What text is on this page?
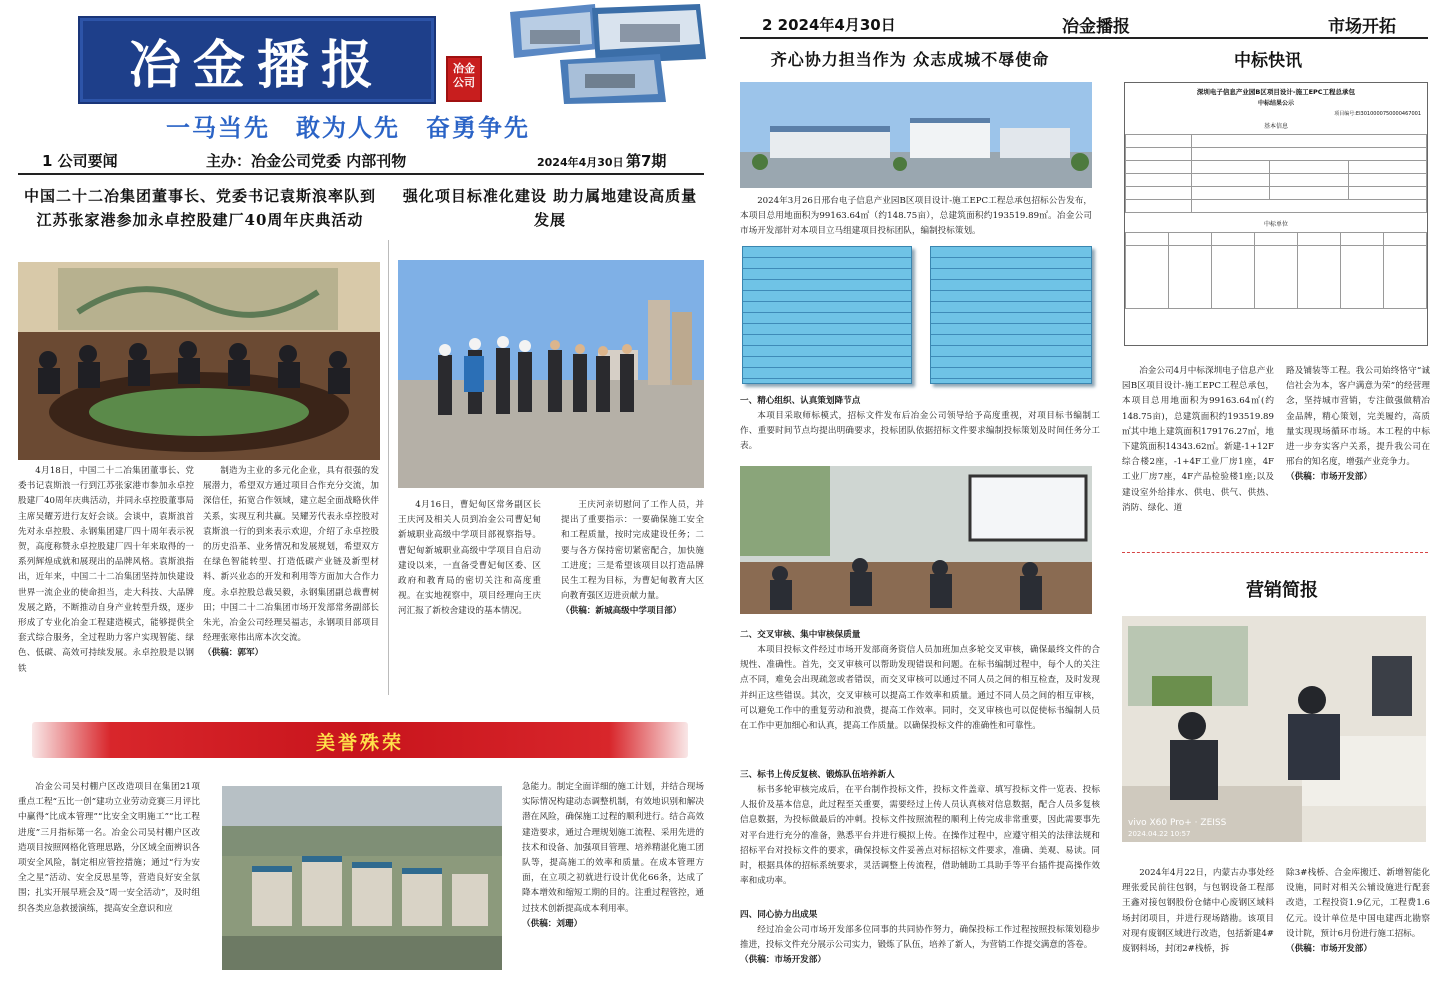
冶金播报	冶金公司
一马当先　敢为人先　奋勇争先
1 公司要闻	主办：冶金公司党委 内部刊物	2024年4月30日 第7期
中国二十二冶集团董事长、党委书记袁斯浪率队到江苏张家港参加永卓控股建厂40周年庆典活动
4月18日，中国二十二冶集团董事长、党委书记袁斯浪一行到江苏张家港市参加永卓控股建厂40周年庆典活动，并同永卓控股董事局主席吴耀芳进行友好会谈。会谈中，袁斯浪首先对永卓控股、永钢集团建厂四十周年表示祝贺，高度称赞永卓控股建厂四十年来取得的一系列辉煌成就和展现出的品牌风格。袁斯浪指出，近年来，中国二十二冶集团坚持加快建设世界一流企业的使命担当，走大科技、大品牌发展之路，不断推动自身产业转型升级，逐步形成了专业化冶金工程建造模式，能够提供全套式综合服务，全过程助力客户实现智能、绿色、低碳、高效可持续发展。永卓控股是以钢铁
制造为主业的多元化企业，具有很强的发展潜力，希望双方通过项目合作充分交流，加深信任，拓宽合作领域，建立起全面战略伙伴关系，实现互利共赢。吴耀芳代表永卓控股对袁斯浪一行的到来表示欢迎，介绍了永卓控股的历史沿革、业务情况和发展规划，希望双方在绿色智能转型、打造低碳产业链及新型材料、新兴业态的开发和利用等方面加大合作力度。永卓控股总裁吴毅，永钢集团副总裁曹树田；中国二十二冶集团市场开发部常务副部长朱光，冶金公司经理吴福志，永钢项目部项目经理张寒伟出席本次交流。
（供稿：郭军）
强化项目标准化建设 助力属地建设高质量发展
4月16日，曹妃甸区常务副区长王庆河及相关人员到冶金公司曹妃甸新城职业高级中学项目部视察指导。曹妃甸新城职业高级中学项目自启动建设以来，一直备受曹妃甸区委、区政府和教育局的密切关注和高度重视。在实地视察中，项目经理向王庆河汇报了新校舍建设的基本情况。
王庆河亲切慰问了工作人员，并提出了重要指示：一要确保施工安全和工程质量，按时完成建设任务；二要与各方保持密切紧密配合，加快施工进度；三是希望该项目以打造品牌民生工程为目标，为曹妃甸教育大区向教育强区迈进贡献力量。
（供稿：新城高级中学项目部）
美誉殊荣
冶金公司吴村棚户区改造项目在集团21项重点工程“五比一创”建功立业劳动竞赛三月评比中赢得“比成本管理”“比安全文明施工”“比工程进度”三月指标第一名。冶金公司吴村棚户区改造项目按照网格化管理思路，分区域全面辨识各项安全风险，制定相应管控措施；通过“行为安全之星”活动、安全反思星等，营造良好安全氛围；扎实开展早班会及“周一安全活动”，及时组织各类应急救援演练，提高安全意识和应
急能力。制定全面详细的施工计划，并结合现场实际情况构建动态调整机制，有效地识别和解决潜在风险，确保施工过程的顺利进行。结合高效建造要求，通过合理规划施工流程、采用先进的技术和设备、加强项目管理、培养精湛化施工团队等，提高施工的效率和质量。在成本管理方面，在立项之初就进行设计优化66条，达成了降本增效和缩短工期的目的。注重过程管控，通过技术创新提高成本利用率。
（供稿：刘珊）
2 2024年4月30日	冶金播报	市场开拓
齐心协力担当作为 众志成城不辱使命
2024年3月26日邢台电子信息产业园B区项目设计-施工EPC工程总承包招标公告发布，本项目总用地面积为99163.64㎡（约148.75亩），总建筑面积约193519.89㎡。冶金公司市场开发部针对本项目立马组建项目投标团队，编制投标策划。
一、精心组织、认真策划降节点
本项目采取师标模式，招标文件发布后冶金公司领导给予高度重视，对项目标书编制工作、重要时间节点均提出明确要求，投标团队依据招标文件要求编制投标策划及时间任务分工表。
二、交叉审核、集中审核保质量
本项目投标文件经过市场开发部商务资信人员加班加点多轮交叉审核，确保最终文件的合规性、准确性。首先，交叉审核可以帮助发现错误和问题。在标书编制过程中，每个人的关注点不同，难免会出现疏忽或者错误，而交叉审核可以通过不同人员之间的相互检查，及时发现并纠正这些错误。其次，交叉审核可以提高工作效率和质量。通过不同人员之间的相互审核，可以避免工作中的重复劳动和浪费，提高工作效率。同时，交叉审核也可以促使标书编制人员在工作中更加细心和认真，提高工作质量。以确保投标文件的准确性和可靠性。
三、标书上传反复核、锻炼队伍培养新人
标书多轮审核完成后，在平台制作投标文件，投标文件盖章、填写投标文件一览表、投标人报价及基本信息，此过程至关重要，需要经过上传人员认真核对信息数据，配合人员多复核信息数据，为投标做最后的冲刺。投标文件按照流程的顺利上传完成非常重要，因此需要事先对平台进行充分的准备，熟悉平台并进行模拟上传。在操作过程中，应遵守相关的法律法规和招标平台对投标文件的要求，确保投标文件妥善点对标招标文件要求，准确、美观、易读。同时，根据具体的招标系统要求，灵活调整上传流程，借助辅助工具助手等平台插件提高操作效率和成功率。
四、同心协力出成果
经过冶金公司市场开发部多位同事的共同协作努力，确保投标工作过程按照投标策划稳步推进，投标文件充分展示公司实力，锻炼了队伍，培养了新人，为营销工作提交满意的答卷。
（供稿：市场开发部）
中标快讯
深圳电子信息产业园B区项目设计-施工EPC工程总承包
中标结果公示
项目编号:EI3010000750000467001
基本信息

中标单位

冶金公司4月中标深圳电子信息产业园B区项目设计-施工EPC工程总承包，本项目总用地面积为99163.64㎡(约148.75亩)，总建筑面积约193519.89㎡其中地上建筑面积179176.27㎡，地下建筑面积14343.62㎡。新建-1+12F综合楼2座，-1+4F工业厂房1座，4F工业厂房7座，4F产品检验楼1座;以及建设室外给排水、供电、供气、供热、消防、绿化、道
路及铺装等工程。我公司始终恪守“诚信社会为本，客户满意为荣”的经营理念，坚持城市营销，专注做强做精冶金品牌，精心策划，完美履约，高质量实现现场循环市场。本工程的中标进一步夯实客户关系，提升我公司在邢台的知名度，增强产业竞争力。
（供稿：市场开发部）
营销简报
vivo X60 Pro+ · ZEISS
2024.04.22 10:57
2024年4月22日，内蒙古办事处经理张爱民前往包钢，与包钢设备工程部王鑫对接包钢股份仓储中心废钢区域料场封闭项目，并进行现场踏勘。该项目对现有废钢区域进行改造，包括新建4#废钢料场，封闭2#栈桥，拆
除3#栈桥、合金库搬迁、新增智能化设施，同时对相关公辅设施进行配套改造，工程投资1.9亿元，工程费1.6亿元。设计单位是中国电建西北勘察设计院，预计6月份进行施工招标。
（供稿：市场开发部）
